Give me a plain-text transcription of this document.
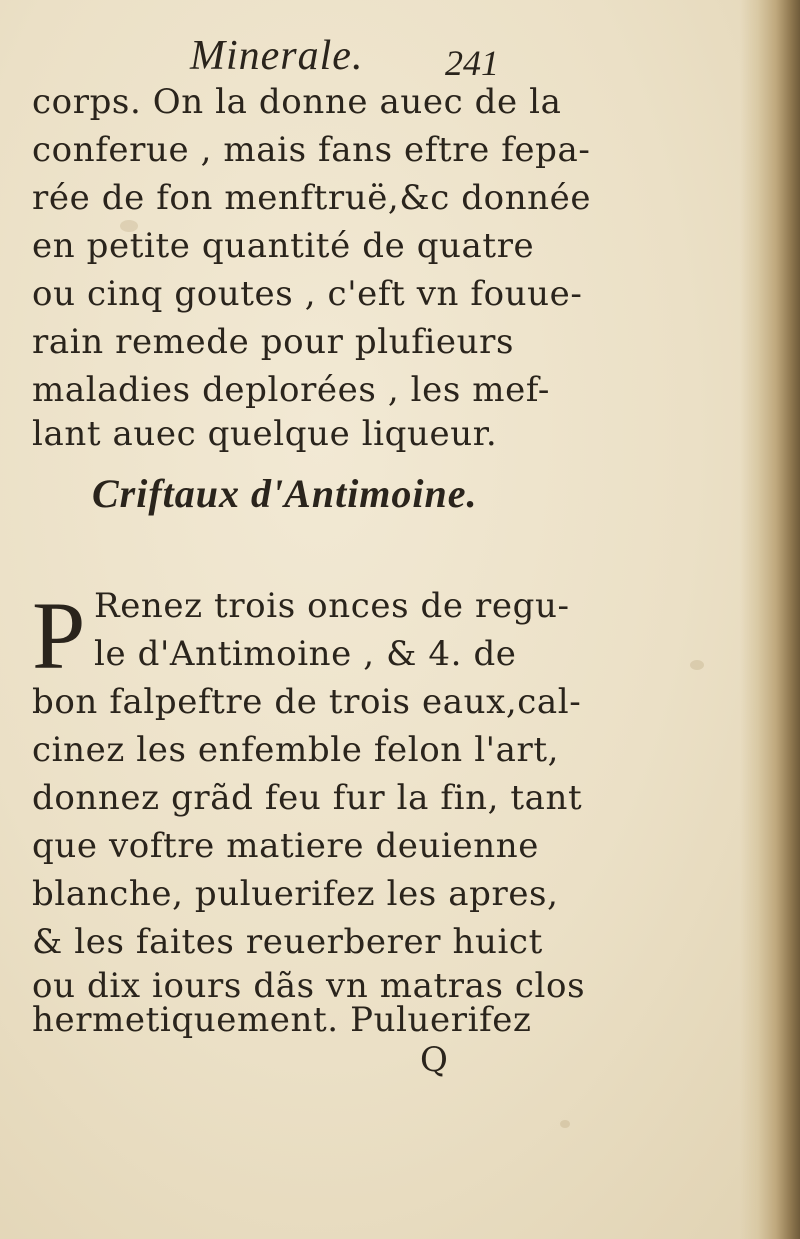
Minerale. 241
corps. On la donne auec de la
conferue , mais fans eftre fepa-
rée de fon menftruë,&c donnée
en petite quantité de quatre
ou cinq goutes , c'eft vn fouue-
rain remede pour plufieurs
maladies deplorées , les mef-
lant auec quelque liqueur.
Criftaux d'Antimoine.
P Renez trois onces de regu-
le d'Antimoine , & 4. de
bon falpeftre de trois eaux,cal-
cinez les enfemble felon l'art,
donnez grãd feu fur la fin, tant
que voftre matiere deuienne
blanche, puluerifez les apres,
& les faites reuerberer huict
ou dix iours dãs vn matras clos
hermetiquement. Puluerifez
Q
